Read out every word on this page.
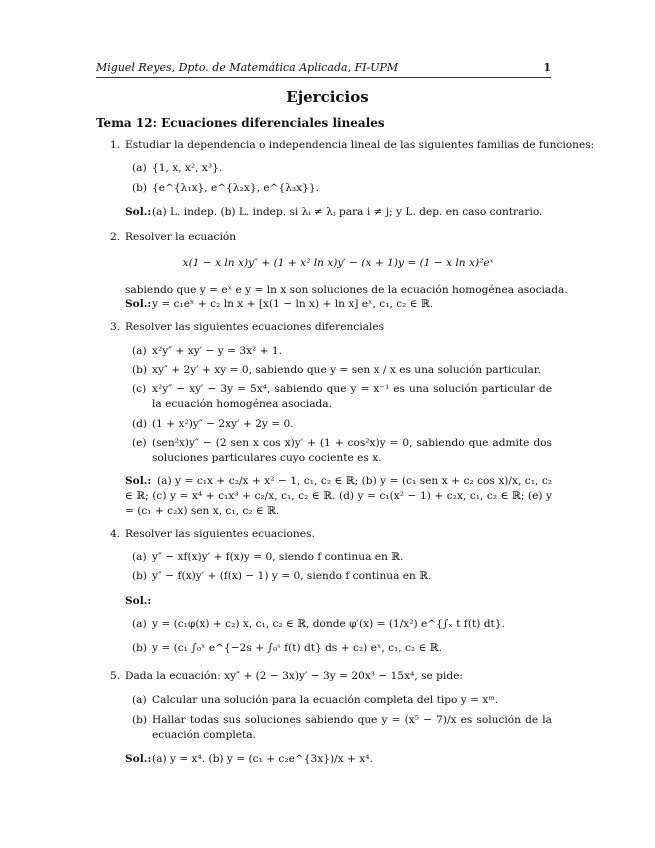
Miguel Reyes, Dpto. de Matemática Aplicada, FI-UPM	1
Ejercicios
Tema 12: Ecuaciones diferenciales lineales
1. Estudiar la dependencia o independencia lineal de las siguientes familias de funciones:
(a) {1, x, x², x³}.
(b) {e^{λ₁x}, e^{λ₂x}, e^{λ₃x}}.
Sol.: (a) L. indep. (b) L. indep. si λᵢ ≠ λⱼ para i ≠ j; y L. dep. en caso contrario.
2. Resolver la ecuación
x(1 − x ln x)y″ + (1 + x² ln x)y′ − (x + 1)y = (1 − x ln x)²eˣ
sabiendo que y = eˣ e y = ln x son soluciones de la ecuación homogénea asociada.
Sol.: y = c₁eˣ + c₂ ln x + [x(1 − ln x) + ln x] eˣ, c₁, c₂ ∈ ℝ.
3. Resolver las siguientes ecuaciones diferenciales
(a) x²y″ + xy′ − y = 3x² + 1.
(b) xy″ + 2y′ + xy = 0, sabiendo que y = sen x / x es una solución particular.
(c) x²y″ − xy′ − 3y = 5x⁴, sabiendo que y = x⁻¹ es una solución particular de la ecuación homogénea asociada.
(d) (1 + x²)y″ − 2xy′ + 2y = 0.
(e) (sen²x)y″ − (2 sen x cos x)y′ + (1 + cos²x)y = 0, sabiendo que admite dos soluciones particulares cuyo cociente es x.
Sol.: (a) y = c₁x + c₂/x + x² − 1, c₁, c₂ ∈ ℝ; (b) y = (c₁ sen x + c₂ cos x)/x, c₁, c₂ ∈ ℝ; (c) y = x⁴ + c₁x³ + c₂/x, c₁, c₂ ∈ ℝ. (d) y = c₁(x² − 1) + c₂x, c₁, c₂ ∈ ℝ; (e) y = (c₁ + c₂x) sen x, c₁, c₂ ∈ ℝ.
4. Resolver las siguientes ecuaciones.
(a) y″ − xf(x)y′ + f(x)y = 0, siendo f continua en ℝ.
(b) y″ − f(x)y′ + (f(x) − 1) y = 0, siendo f continua en ℝ.
Sol.:
(a) y = (c₁φ(x) + c₂) x, c₁, c₂ ∈ ℝ, donde φ′(x) = (1/x²) e^{∫ₓ t f(t) dt}.
(b) y = (c₁ ∫₀ˣ e^{−2s + ∫₀ˢ f(t) dt} ds + c₂) eˣ, c₁, c₂ ∈ ℝ.
5. Dada la ecuación: xy″ + (2 − 3x)y′ − 3y = 20x³ − 15x⁴, se pide:
(a) Calcular una solución para la ecuación completa del tipo y = xᵐ.
(b) Hallar todas sus soluciones sabiendo que y = (x⁵ − 7)/x es solución de la ecuación completa.
Sol.: (a) y = x⁴. (b) y = (c₁ + c₂e^{3x})/x + x⁴.
